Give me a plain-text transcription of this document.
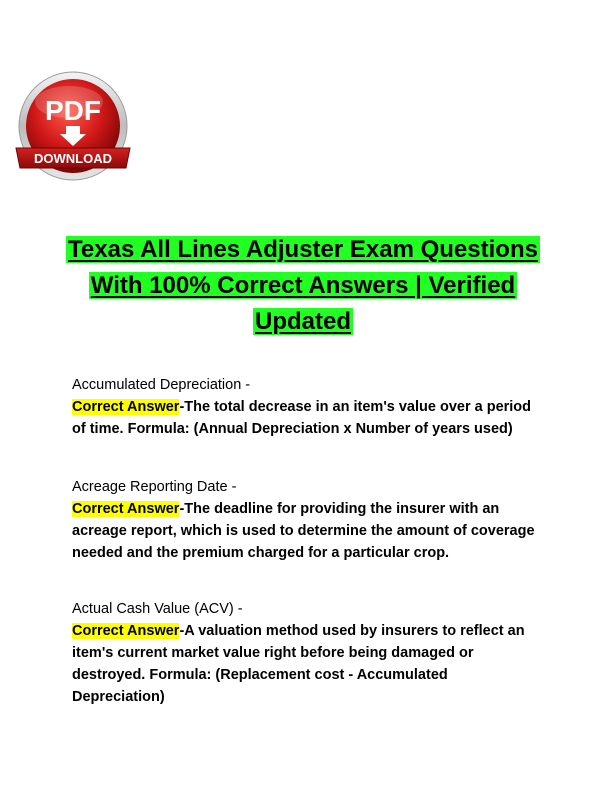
PDF
DOWNLOAD
Texas All Lines Adjuster Exam Questions
With 100% Correct Answers | Verified
Updated
Accumulated Depreciation -
Correct Answer-The total decrease in an item's value over a period of time. Formula: (Annual Depreciation x Number of years used)
Acreage Reporting Date -
Correct Answer-The deadline for providing the insurer with an acreage report, which is used to determine the amount of coverage needed and the premium charged for a particular crop.
Actual Cash Value (ACV) -
Correct Answer-A valuation method used by insurers to reflect an item's current market value right before being damaged or destroyed. Formula: (Replacement cost - Accumulated Depreciation)
